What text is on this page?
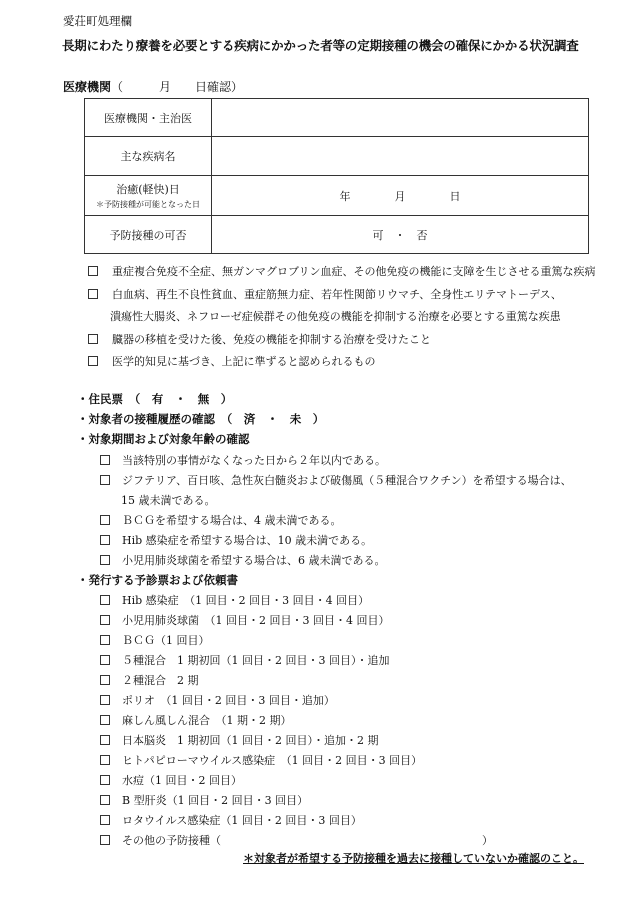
愛荘町処理欄
長期にわたり療養を必要とする疾病にかかった者等の定期接種の機会の確保にかかる状況調査
医療機関（　　　月　　日確認）
医療機関・主治医	
主な疾病名	
治癒(軽快)日
＊予防接種が可能となった日	年　　　　月　　　　日
予防接種の可否	可　・　否
重症複合免疫不全症、無ガンマグロブリン血症、その他免疫の機能に支障を生じさせる重篤な疾病
白血病、再生不良性貧血、重症筋無力症、若年性関節リウマチ、全身性エリテマトーデス、
潰瘍性大腸炎、ネフローゼ症候群その他免疫の機能を抑制する治療を必要とする重篤な疾患
臓器の移植を受けた後、免疫の機能を抑制する治療を受けたこと
医学的知見に基づき、上記に準ずると認められるもの
・住民票　（　有　・　無　）
・対象者の接種履歴の確認　（　済　・　未　）
・対象期間および対象年齢の確認
当該特別の事情がなくなった日から２年以内である。
ジフテリア、百日咳、急性灰白髄炎および破傷風（５種混合ワクチン）を希望する場合は、
15 歳未満である。
ＢＣＧを希望する場合は、4 歳未満である。
Hib 感染症を希望する場合は、10 歳未満である。
小児用肺炎球菌を希望する場合は、6 歳未満である。
・発行する予診票および依頼書
Hib 感染症　（1 回目・2 回目・3 回目・4 回目）
小児用肺炎球菌　（1 回目・2 回目・3 回目・4 回目）
ＢＣＧ（1 回目）
５種混合　1 期初回（1 回目・2 回目・3 回目）・追加
２種混合　2 期
ポリオ　（1 回目・2 回目・3 回目・追加）
麻しん風しん混合　（1 期・2 期）
日本脳炎　1 期初回（1 回目・2 回目）・追加・2 期
ヒトパピローマウイルス感染症　（1 回目・2 回目・3 回目）
水痘（1 回目・2 回目）
B 型肝炎（1 回目・2 回目・3 回目）
ロタウイルス感染症（1 回目・2 回目・3 回目）
その他の予防接種（	）
＊対象者が希望する予防接種を過去に接種していないか確認のこと。
